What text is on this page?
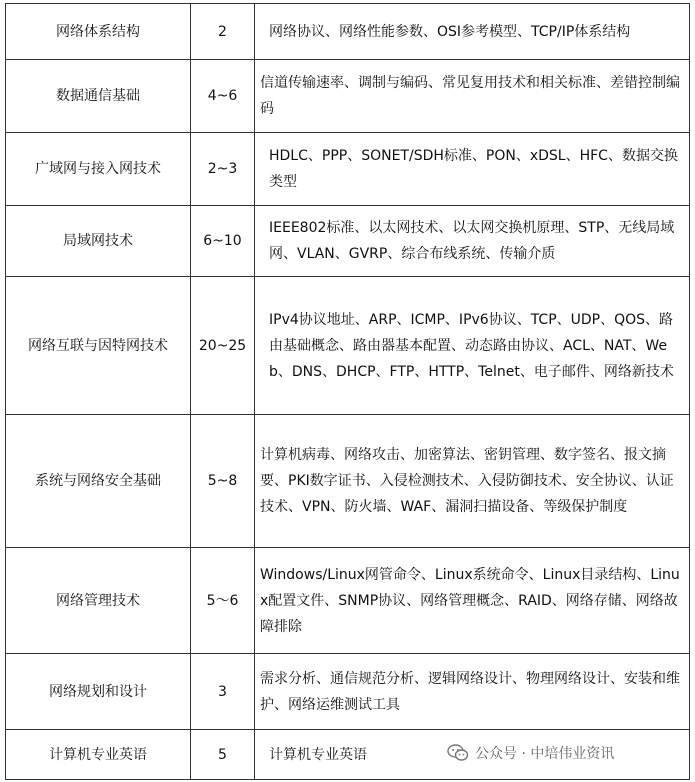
网络体系结构	2	网络协议、网络性能参数、OSI参考模型、TCP/IP体系结构
数据通信基础	4~6	信道传输速率、调制与编码、常见复用技术和相关标准、差错控制编码
广域网与接入网技术	2~3	HDLC、PPP、SONET/SDH标准、PON、xDSL、HFC、数据交换类型
局域网技术	6~10	IEEE802标准、以太网技术、以太网交换机原理、STP、无线局域网、VLAN、GVRP、综合布线系统、传输介质
网络互联与因特网技术	20~25	IPv4协议地址、ARP、ICMP、IPv6协议、TCP、UDP、QOS、路由基础概念、路由器基本配置、动态路由协议、ACL、NAT、Web、DNS、DHCP、FTP、HTTP、Telnet、电子邮件、网络新技术
系统与网络安全基础	5~8	计算机病毒、网络攻击、加密算法、密钥管理、数字签名、报文摘要、PKI数字证书、入侵检测技术、入侵防御技术、安全协议、认证技术、VPN、防火墙、WAF、漏洞扫描设备、等级保护制度
网络管理技术	5～6	Windows/Linux网管命令、Linux系统命令、Linux目录结构、Linux配置文件、SNMP协议、网络管理概念、RAID、网络存储、网络故障排除
网络规划和设计	3	需求分析、通信规范分析、逻辑网络设计、物理网络设计、安装和维护、网络运维测试工具
计算机专业英语	5	计算机专业英语	公众号 · 中培伟业资讯
